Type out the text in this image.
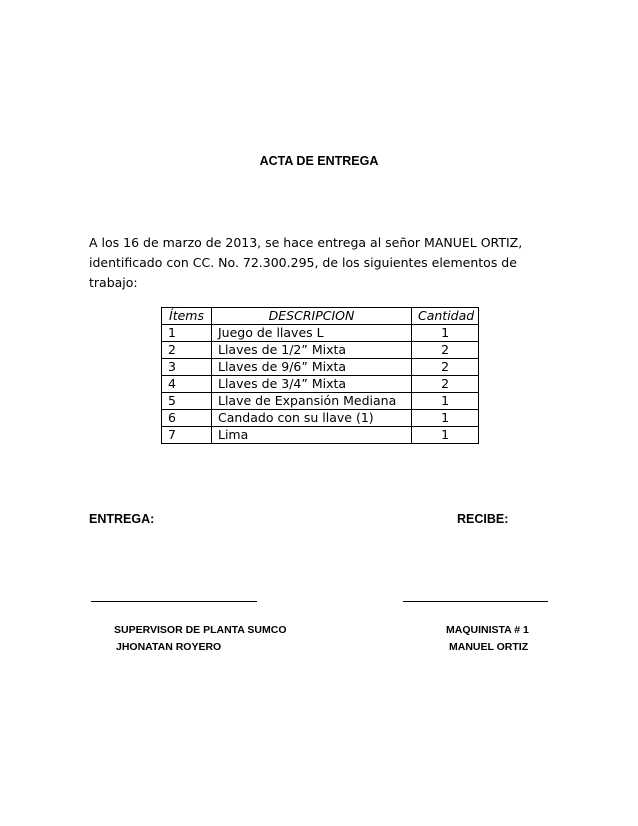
ACTA DE ENTREGA
A los 16 de marzo de 2013, se hace entrega al señor MANUEL ORTIZ, identificado con CC. No. 72.300.295, de los siguientes elementos de trabajo:
Ítems	DESCRIPCION	Cantidad
1	Juego de llaves L	1
2	Llaves de 1/2” Mixta	2
3	Llaves de 9/6” Mixta	2
4	Llaves de 3/4” Mixta	2
5	Llave de Expansión Mediana	1
6	Candado con su llave (1)	1
7	Lima	1
ENTREGA:	RECIBE:
SUPERVISOR DE PLANTA SUMCO
JHONATAN ROYERO
MAQUINISTA # 1
MANUEL ORTIZ
